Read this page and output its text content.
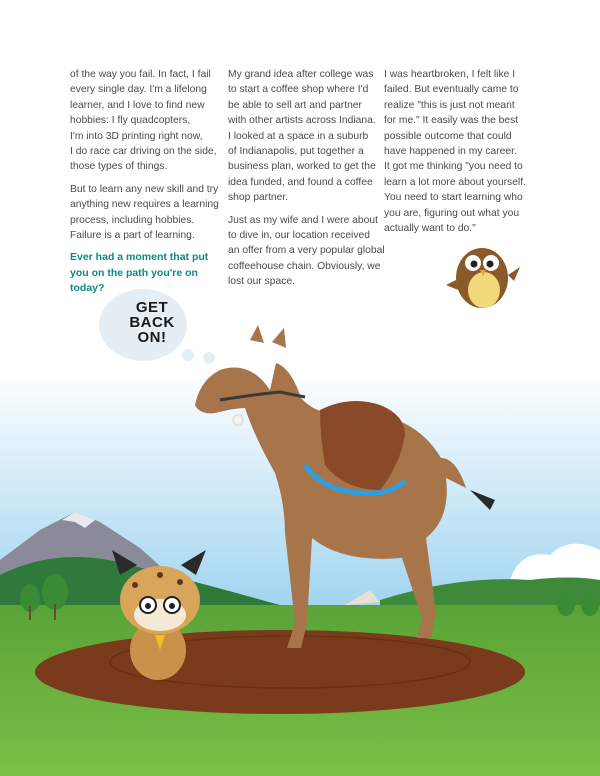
GET
BACK
ON!

of the way you fail. In fact, I fail
every single day. I'm a lifelong
learner, and I love to find new
hobbies: I fly quadcopters,
I'm into 3D printing right now,
I do race car driving on the side,
those types of things.

But to learn any new skill and try
anything new requires a learning
process, including hobbies.
Failure is a part of learning.

Ever had a moment that put
you on the path you're on
today?

My grand idea after college was
to start a coffee shop where I'd
be able to sell art and partner
with other artists across Indiana.
I looked at a space in a suburb
of Indianapolis, put together a
business plan, worked to get the
idea funded, and found a coffee
shop partner.

Just as my wife and I were about
to dive in, our location received
an offer from a very popular global
coffeehouse chain. Obviously, we
lost our space.

I was heartbroken, I felt like I
failed. But eventually came to
realize "this is just not meant
for me." It easily was the best
possible outcome that could
have happened in my career.
It got me thinking "you need to
learn a lot more about yourself.
You need to start learning who
you are, figuring out what you
actually want to do."
